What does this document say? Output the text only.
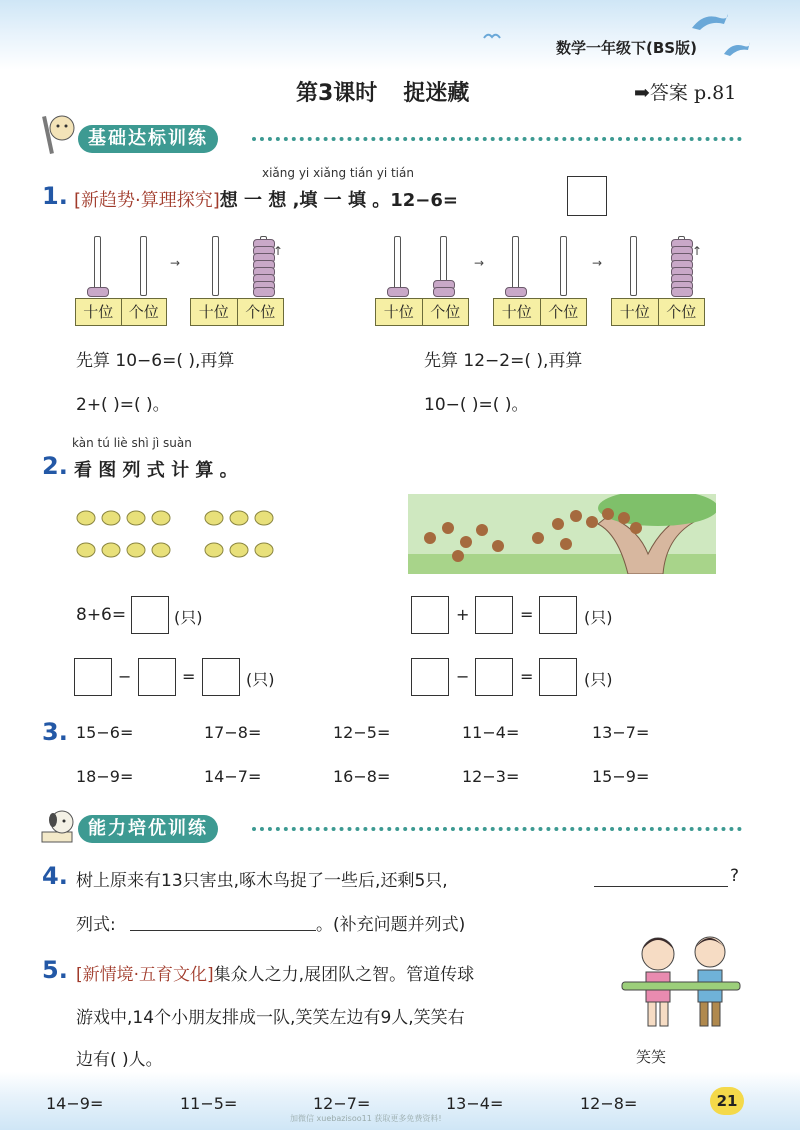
数学一年级下(BS版)
第3课时 捉迷藏	➡答案 p.81
基础达标训练
xiǎng yi xiǎng tián yi tián
1. [新趋势·算理探究]想 一 想 ,填 一 填 。12−6=
十位	个位
→
↑
十位	个位	十位	个位
→
十位	个位
→
↑
十位	个位
先算 10−6=( ),再算
2+( )=( )。
先算 12−2=( ),再算
10−( )=( )。
kàn tú liè shì jì suàn
2. 看 图 列 式 计 算 。
8+6=	(只)	+	=	(只)
−	=	(只)	−	=	(只)
3. 15−6=	17−8=	12−5=	11−4=	13−7=
18−9=	14−7=	16−8=	12−3=	15−9=
能力培优训练
4. 树上原来有13只害虫,啄木鸟捉了一些后,还剩5只,	?
列式:	。(补充问题并列式)
5. [新情境·五育文化]集众人之力,展团队之智。管道传球
游戏中,14个小朋友排成一队,笑笑左边有9人,笑笑右
边有( )人。	笑笑
14−9=	11−5=	12−7=	13−4=	12−8=	21
加微信 xuebazisoo11 获取更多免费资料!
